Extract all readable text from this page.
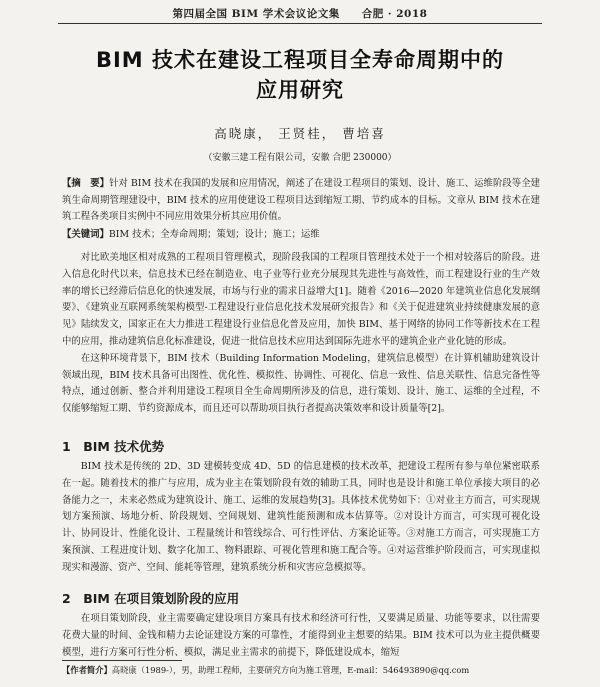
第四届全国 BIM 学术会议论文集　　合肥 · 2018
BIM 技术在建设工程项目全寿命周期中的
应用研究
高晓康， 王贤桂， 曹培喜
（安徽三建工程有限公司，安徽 合肥 230000）
【摘　要】针对 BIM 技术在我国的发展和应用情况，阐述了在建设工程项目的策划、设计、施工、运维阶段等全建筑生命周期管理建设中，BIM 技术的应用使建设工程项目达到缩短工期、节约成本的目标。文章从 BIM 技术在建筑工程各类项目实例中不同应用效果分析其应用价值。
【关键词】BIM 技术；全寿命周期；策划；设计；施工；运维

对比欧美地区相对成熟的工程项目管理模式，现阶段我国的工程项目管理技术处于一个相对较落后的阶段。进入信息化时代以来，信息技术已经在制造业、电子业等行业充分展现其先进性与高效性，而工程建设行业的生产效率的增长已经滞后信息化的快速发展，市场与行业的需求日益增大[1]。随着《2016—2020 年建筑业信息化发展纲要》、《建筑业互联网系统架构模型-工程建设行业信息化技术发展研究报告》和《关于促进建筑业持续健康发展的意见》陆续发文，国家正在大力推进工程建设行业信息化普及应用，加快 BIM、基于网络的协同工作等新技术在工程中的应用，推动建筑信息化标准建设，促进一批信息技术应用达到国际先进水平的建筑企业产业化链的形成。

在这种环境背景下，BIM 技术（Building Information Modeling，建筑信息模型）在计算机辅助建筑设计领域出现，BIM 技术具备可出图性、优化性、模拟性、协调性、可视化、信息一致性、信息关联性、信息完备性等特点，通过创新、整合并利用建设工程项目全生命周期所涉及的信息，进行策划、设计、施工、运维的全过程，不仅能够缩短工期、节约资源成本，而且还可以帮助项目执行者提高决策效率和设计质量等[2]。

1　BIM 技术优势

BIM 技术是传统的 2D、3D 建模转变成 4D、5D 的信息建模的技术改革，把建设工程所有参与单位紧密联系在一起。随着技术的推广与应用，成为业主在策划阶段有效的辅助工具，同时也是设计和施工单位承接大项目的必备能力之一，未来必然成为建筑设计、施工、运维的发展趋势[3]。具体技术优势如下：①对业主方而言，可实现规划方案预演、场地分析、阶段规划、空间规划、建筑性能预测和成本估算等。②对设计方而言，可实现可视化设计、协同设计、性能化设计、工程量统计和管线综合、可行性评估、方案论证等。③对施工方而言，可实现施工方案预演、工程进度计划、数字化加工、物料跟踪、可视化管理和施工配合等。④对运营维护阶段而言，可实现虚拟现实和漫游、资产、空间、能耗等管理，建筑系统分析和灾害应急模拟等。

2　BIM 在项目策划阶段的应用

在项目策划阶段，业主需要确定建设项目方案具有技术和经济可行性，又要满足质量、功能等要求，以往需要花费大量的时间、金钱和精力去论证建设方案的可靠性，才能得到业主想要的结果。BIM 技术可以为业主提供概要模型，进行方案可行性分析、模拟，满足业主需求的前提下，降低建设成本，缩短

【作者简介】高晓康（1989-），男，助理工程师，主要研究方向为施工管理，E-mail：546493890@qq.com
